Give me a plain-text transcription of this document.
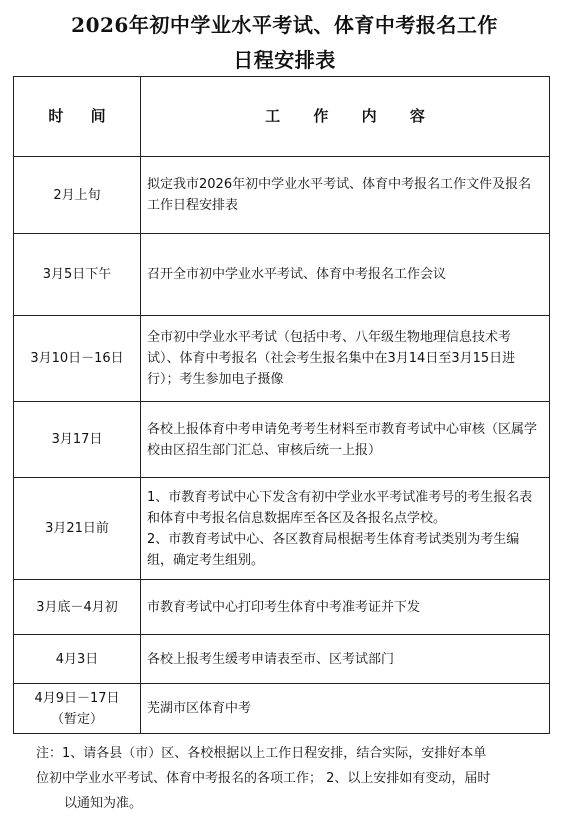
2026年初中学业水平考试、体育中考报名工作
日程安排表
时 间	工 作 内 容
2月上旬	拟定我市2026年初中学业水平考试、体育中考报名工作文件及报名工作日程安排表
3月5日下午	召开全市初中学业水平考试、体育中考报名工作会议
3月10日－16日	全市初中学业水平考试（包括中考、八年级生物地理信息技术考试）、体育中考报名（社会考生报名集中在3月14日至3月15日进行）；考生参加电子摄像
3月17日	各校上报体育中考申请免考考生材料至市教育考试中心审核（区属学校由区招生部门汇总、审核后统一上报）
3月21日前	1、市教育考试中心下发含有初中学业水平考试准考号的考生报名表和体育中考报名信息数据库至各区及各报名点学校。
2、市教育考试中心、各区教育局根据考生体育考试类别为考生编组，确定考生组别。

3月底－4月初	市教育考试中心打印考生体育中考准考证并下发
4月3日	各校上报考生缓考申请表至市、区考试部门

4月9日－17日
（暂定）	芜湖市区体育中考

注：1、请各县（市）区、各校根据以上工作日程安排，结合实际，安排好本单

位初中学业水平考试、体育中考报名的各项工作； 2、以上安排如有变动，届时

以通知为准。
